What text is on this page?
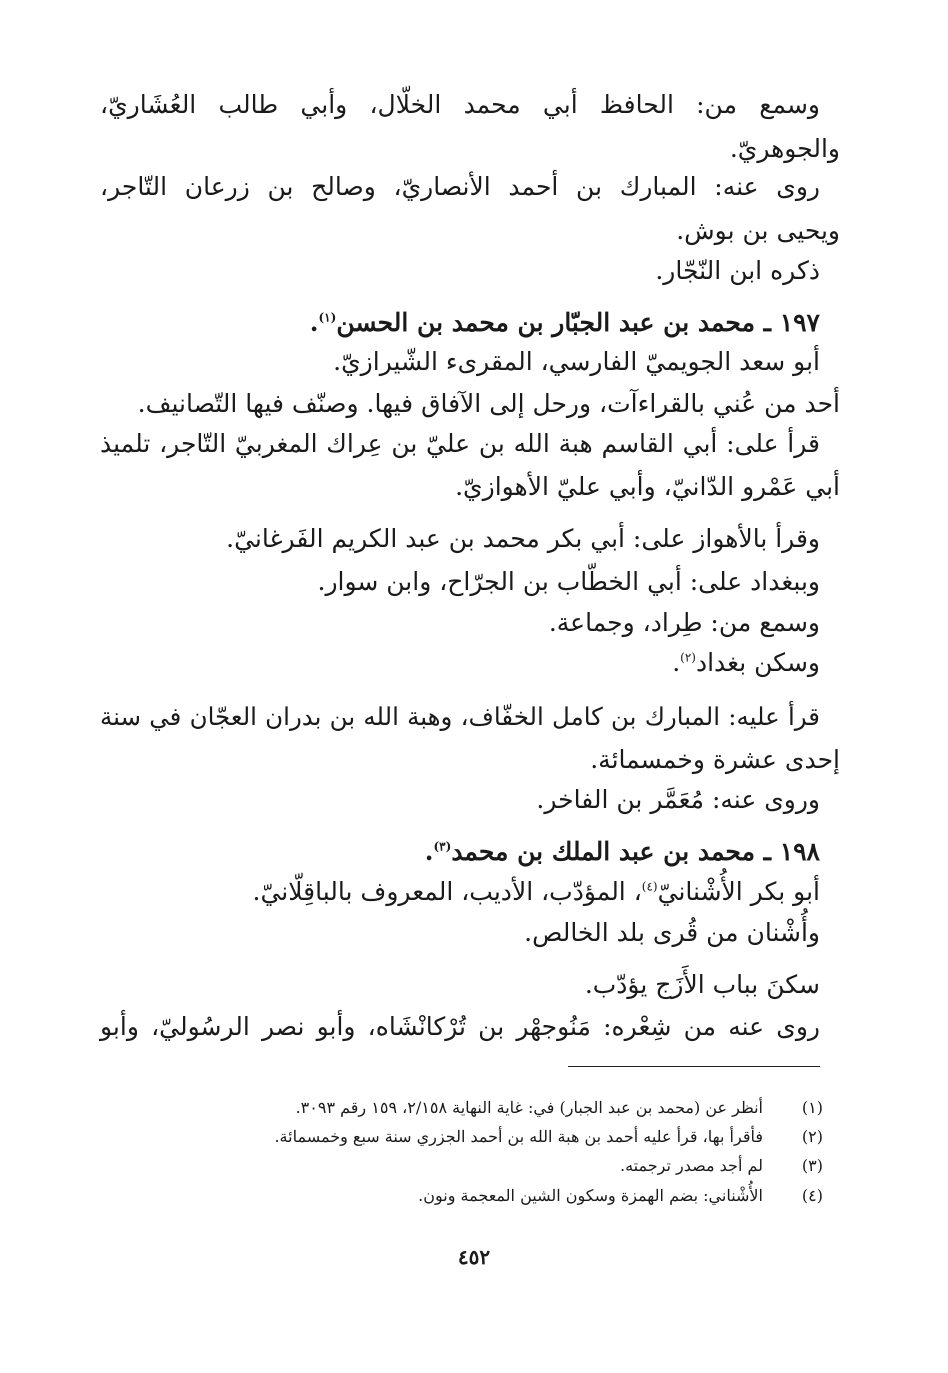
وسمع من: الحافظ أبي محمد الخلّال، وأبي طالب العُشَاريّ،
والجوهريّ.
روى عنه: المبارك بن أحمد الأنصاريّ، وصالح بن زرعان التّاجر،
ويحيى بن بوش.
ذكره ابن النّجّار.
١٩٧ ـ محمد بن عبد الجبّار بن محمد بن الحسن$^{(١)}$.
أبو سعد الجويميّ الفارسي، المقرىء الشّيرازيّ.
أحد من عُني بالقراءآت، ورحل إلى الآفاق فيها. وصنّف فيها التّصانيف.
قرأ على: أبي القاسم هبة الله بن عليّ بن عِراك المغربيّ التّاجر، تلميذ
أبي عَمْرو الدّانيّ، وأبي عليّ الأهوازيّ.
وقرأ بالأهواز على: أبي بكر محمد بن عبد الكريم الفَرغانيّ.
وببغداد على: أبي الخطّاب بن الجرّاح، وابن سوار.
وسمع من: طِراد، وجماعة.
وسكن بغداد$^{(٢)}$.
قرأ عليه: المبارك بن كامل الخفّاف، وهبة الله بن بدران العجّان في سنة
إحدى عشرة وخمسمائة.
وروى عنه: مُعَمَّر بن الفاخر.
١٩٨ ـ محمد بن عبد الملك بن محمد$^{(٣)}$.
أبو بكر الأُشْنانيّ$^{(٤)}$، المؤدّب، الأديب، المعروف بالباقِلّانيّ.
وأُشْنان من قُرى بلد الخالص.
سكنَ بباب الأَزَج يؤدّب.
روى عنه من شِعْره: مَنُوجهْر بن تُرْكانْشَاه، وأبو نصر الرسُوليّ، وأبو
(١)
أنظر عن (محمد بن عبد الجبار) في: غاية النهاية ٢/١٥٨، ١٥٩ رقم ٣٠٩٣.
(٢)
فأقرأ بها، قرأ عليه أحمد بن هبة الله بن أحمد الجزري سنة سبع وخمسمائة.
(٣)
لم أجد مصدر ترجمته.
(٤)
الأُشْناني: بضم الهمزة وسكون الشين المعجمة ونون.
٤٥٢
